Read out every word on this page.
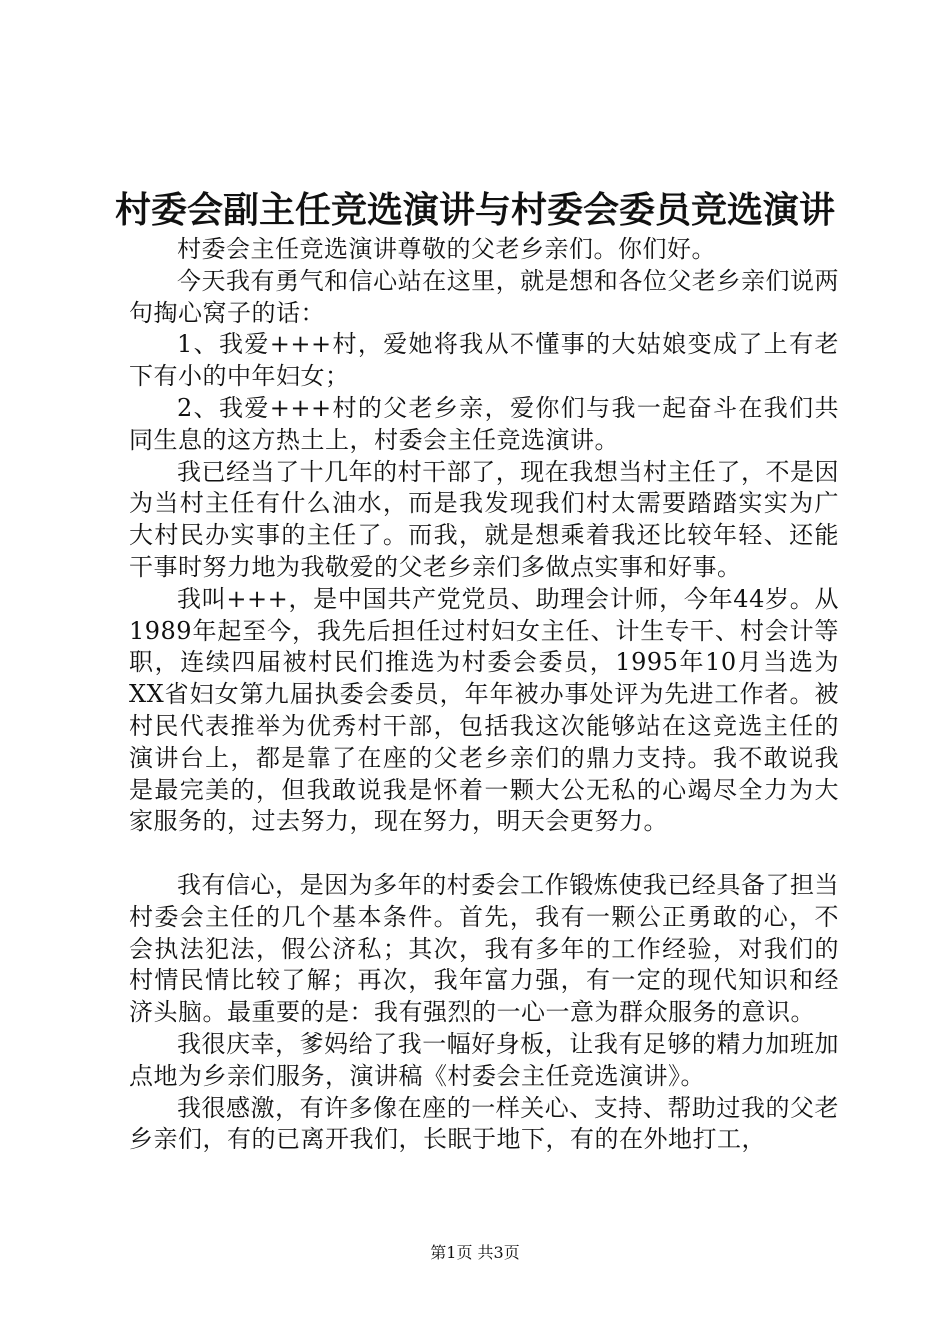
村委会副主任竞选演讲与村委会委员竞选演讲

村委会主任竞选演讲尊敬的父老乡亲们。你们好。

今天我有勇气和信心站在这里，就是想和各位父老乡亲们说两句掏心窝子的话：

1、我爱+++村，爱她将我从不懂事的大姑娘变成了上有老下有小的中年妇女；

2、我爱+++村的父老乡亲，爱你们与我一起奋斗在我们共同生息的这方热土上，村委会主任竞选演讲。

我已经当了十几年的村干部了，现在我想当村主任了，不是因为当村主任有什么油水，而是我发现我们村太需要踏踏实实为广大村民办实事的主任了。而我，就是想乘着我还比较年轻、还能干事时努力地为我敬爱的父老乡亲们多做点实事和好事。

我叫+++，是中国共产党党员、助理会计师，今年44岁。从1989年起至今，我先后担任过村妇女主任、计生专干、村会计等职，连续四届被村民们推选为村委会委员，1995年10月当选为XX省妇女第九届执委会委员，年年被办事处评为先进工作者。被村民代表推举为优秀村干部，包括我这次能够站在这竞选主任的演讲台上，都是靠了在座的父老乡亲们的鼎力支持。我不敢说我是最完美的，但我敢说我是怀着一颗大公无私的心竭尽全力为大家服务的，过去努力，现在努力，明天会更努力。

我有信心，是因为多年的村委会工作锻炼使我已经具备了担当村委会主任的几个基本条件。首先，我有一颗公正勇敢的心，不会执法犯法，假公济私；其次，我有多年的工作经验，对我们的村情民情比较了解；再次，我年富力强，有一定的现代知识和经济头脑。最重要的是：我有强烈的一心一意为群众服务的意识。

我很庆幸，爹妈给了我一幅好身板，让我有足够的精力加班加点地为乡亲们服务，演讲稿《村委会主任竞选演讲》。

我很感激，有许多像在座的一样关心、支持、帮助过我的父老乡亲们，有的已离开我们，长眠于地下，有的在外地打工，

第1页 共3页
